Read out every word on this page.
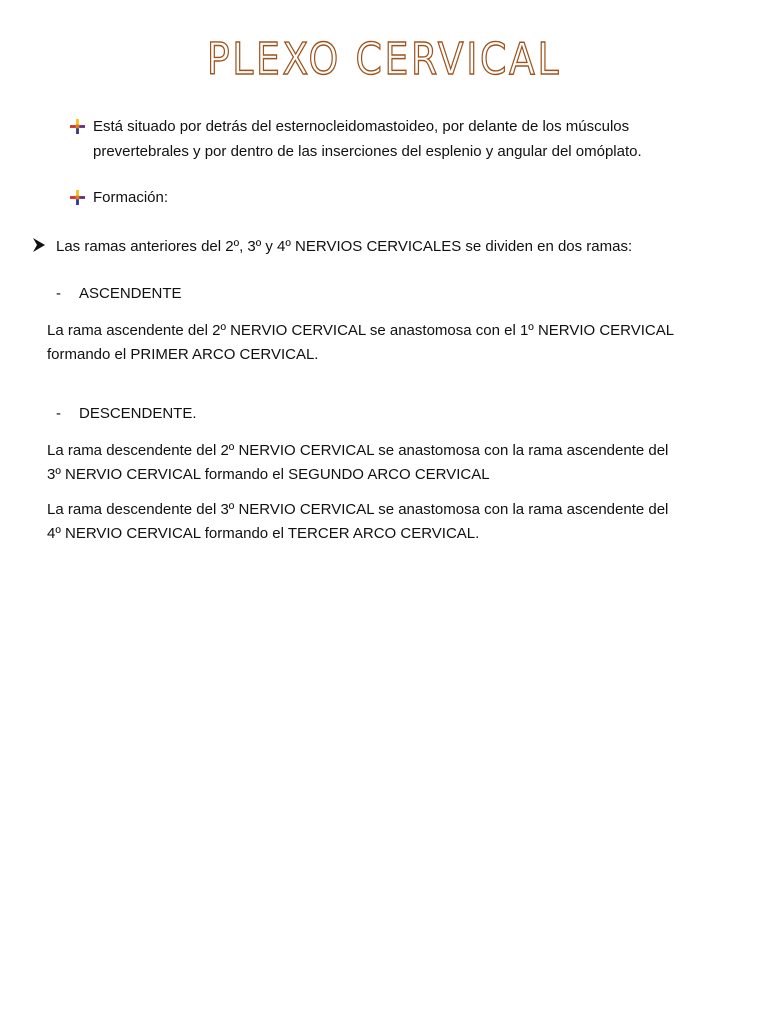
PLEXO CERVICAL
Está situado por detrás del esternocleidomastoideo, por delante de los músculos
prevertebrales y por dentro de las inserciones del esplenio y angular del omóplato.
Formación:

Las ramas anteriores del 2º, 3º y 4º NERVIOS CERVICALES se dividen en dos ramas:

- ASCENDENTE

La rama ascendente del 2º NERVIO CERVICAL se anastomosa con el 1º NERVIO CERVICAL

formando el PRIMER ARCO CERVICAL.

- DESCENDENTE.

La rama descendente del 2º NERVIO CERVICAL se anastomosa con la rama ascendente del

3º NERVIO CERVICAL formando el SEGUNDO ARCO CERVICAL

La rama descendente del 3º NERVIO CERVICAL se anastomosa con la rama ascendente del

4º NERVIO CERVICAL formando el TERCER ARCO CERVICAL.
